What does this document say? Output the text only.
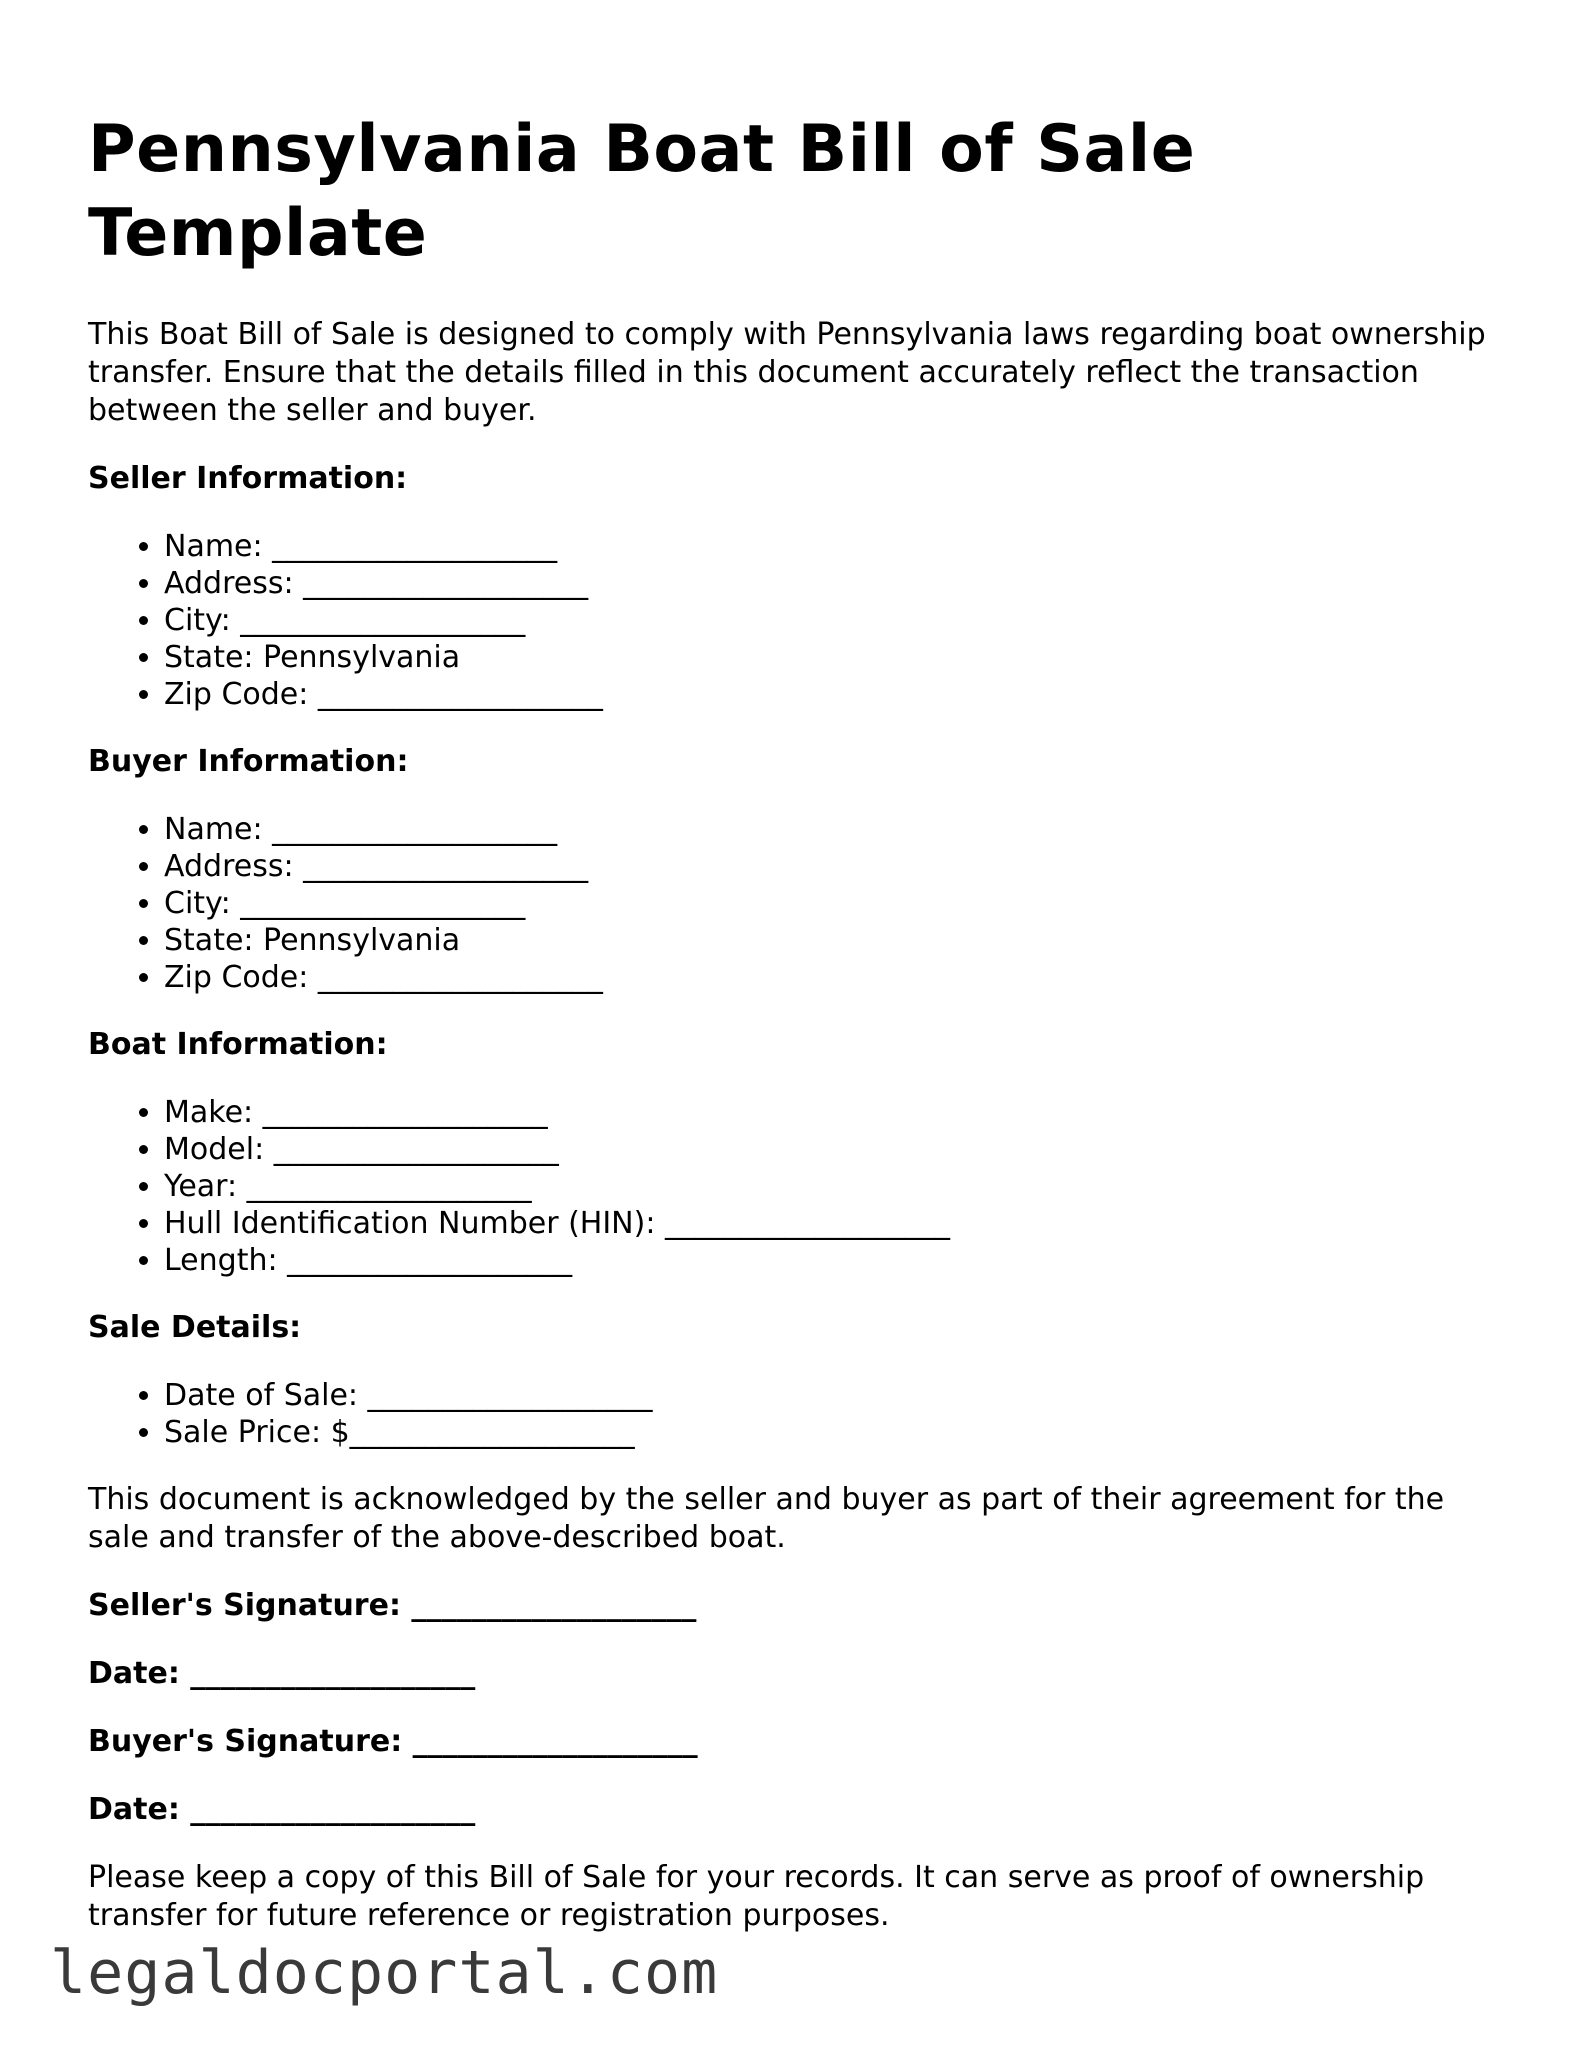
Pennsylvania Boat Bill of Sale Template

This Boat Bill of Sale is designed to comply with Pennsylvania laws regarding boat ownership transfer. Ensure that the details filled in this document accurately reflect the transaction between the seller and buyer.

Seller Information:

• Name: ___________________
• Address: ___________________
• City: ___________________
• State: Pennsylvania
• Zip Code: ___________________

Buyer Information:

• Name: ___________________
• Address: ___________________
• City: ___________________
• State: Pennsylvania
• Zip Code: ___________________

Boat Information:

• Make: ___________________
• Model: ___________________
• Year: ___________________
• Hull Identification Number (HIN): ___________________
• Length: ___________________

Sale Details:

• Date of Sale: ___________________
• Sale Price: $___________________

This document is acknowledged by the seller and buyer as part of their agreement for the sale and transfer of the above-described boat.

Seller's Signature: ___________________

Date: ___________________

Buyer's Signature: ___________________

Date: ___________________

Please keep a copy of this Bill of Sale for your records. It can serve as proof of ownership transfer for future reference or registration purposes.

legaldocportal.com
